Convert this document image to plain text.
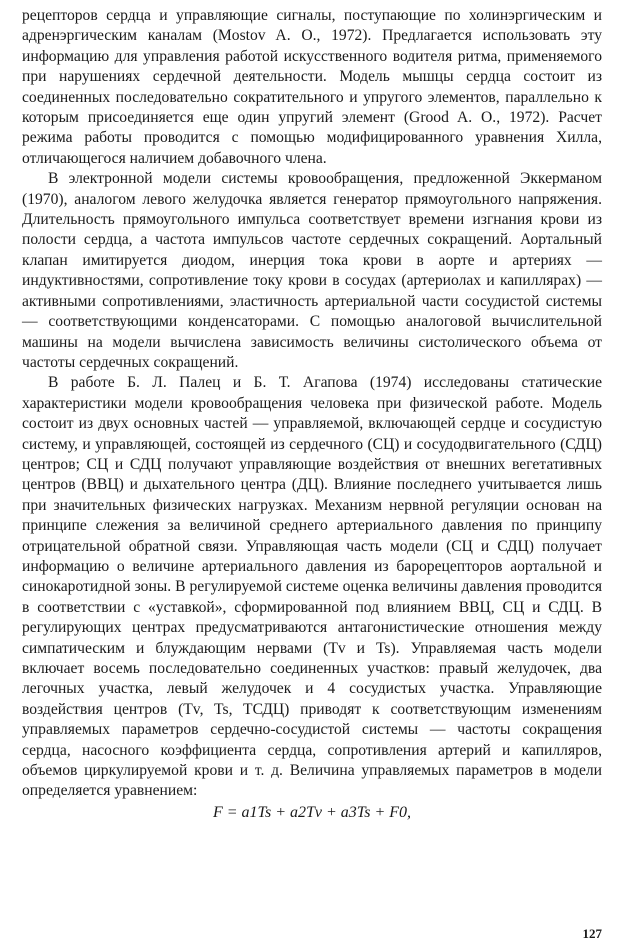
рецепторов сердца и управляющие сигналы, поступающие по холинэргическим и адренэргическим каналам (Mostov A. O., 1972). Предлагается использовать эту информацию для управления работой искусственного водителя ритма, применяемого при нарушениях сердечной деятельности. Модель мышцы сердца состоит из соединенных последовательно сократительного и упругого элементов, параллельно к которым присоединяется еще один упругий элемент (Grood A. O., 1972). Расчет режима работы проводится с помощью модифицированного уравнения Хилла, отличающегося наличием добавочного члена.

В электронной модели системы кровообращения, предложенной Эккерманом (1970), аналогом левого желудочка является генератор прямоугольного напряжения. Длительность прямоугольного импульса соответствует времени изгнания крови из полости сердца, а частота импульсов частоте сердечных сокращений. Аортальный клапан имитируется диодом, инерция тока крови в аорте и артериях — индуктивностями, сопротивление току крови в сосудах (артериолах и капиллярах) — активными сопротивлениями, эластичность артериальной части сосудистой системы — соответствующими конденсаторами. С помощью аналоговой вычислительной машины на модели вычислена зависимость величины систолического объема от частоты сердечных сокращений.

В работе Б. Л. Палец и Б. Т. Агапова (1974) исследованы статические характеристики модели кровообращения человека при физической работе. Модель состоит из двух основных частей — управляемой, включающей сердце и сосудистую систему, и управляющей, состоящей из сердечного (СЦ) и сосудодвигательного (СДЦ) центров; СЦ и СДЦ получают управляющие воздействия от внешних вегетативных центров (ВВЦ) и дыхательного центра (ДЦ). Влияние последнего учитывается лишь при значительных физических нагрузках. Механизм нервной регуляции основан на принципе слежения за величиной среднего артериального давления по принципу отрицательной обратной связи. Управляющая часть модели (СЦ и СДЦ) получает информацию о величине артериального давления из барорецепторов аортальной и синокаротидной зоны. В регулируемой системе оценка величины давления проводится в соответствии с «уставкой», сформированной под влиянием ВВЦ, СЦ и СДЦ. В регулирующих центрах предусматриваются антагонистические отношения между симпатическим и блуждающим нервами (Tv и Ts). Управляемая часть модели включает восемь последовательно соединенных участков: правый желудочек, два легочных участка, левый желудочек и 4 сосудистых участка. Управляющие воздействия центров (Tv, Ts, TСДЦ) приводят к соответствующим изменениям управляемых параметров сердечно-сосудистой системы — частоты сокращения сердца, насосного коэффициента сердца, сопротивления артерий и капилляров, объемов циркулируемой крови и т. д. Величина управляемых параметров в модели определяется уравнением:

F = a1Ts + a2Tv + a3Ts + F0,

127
